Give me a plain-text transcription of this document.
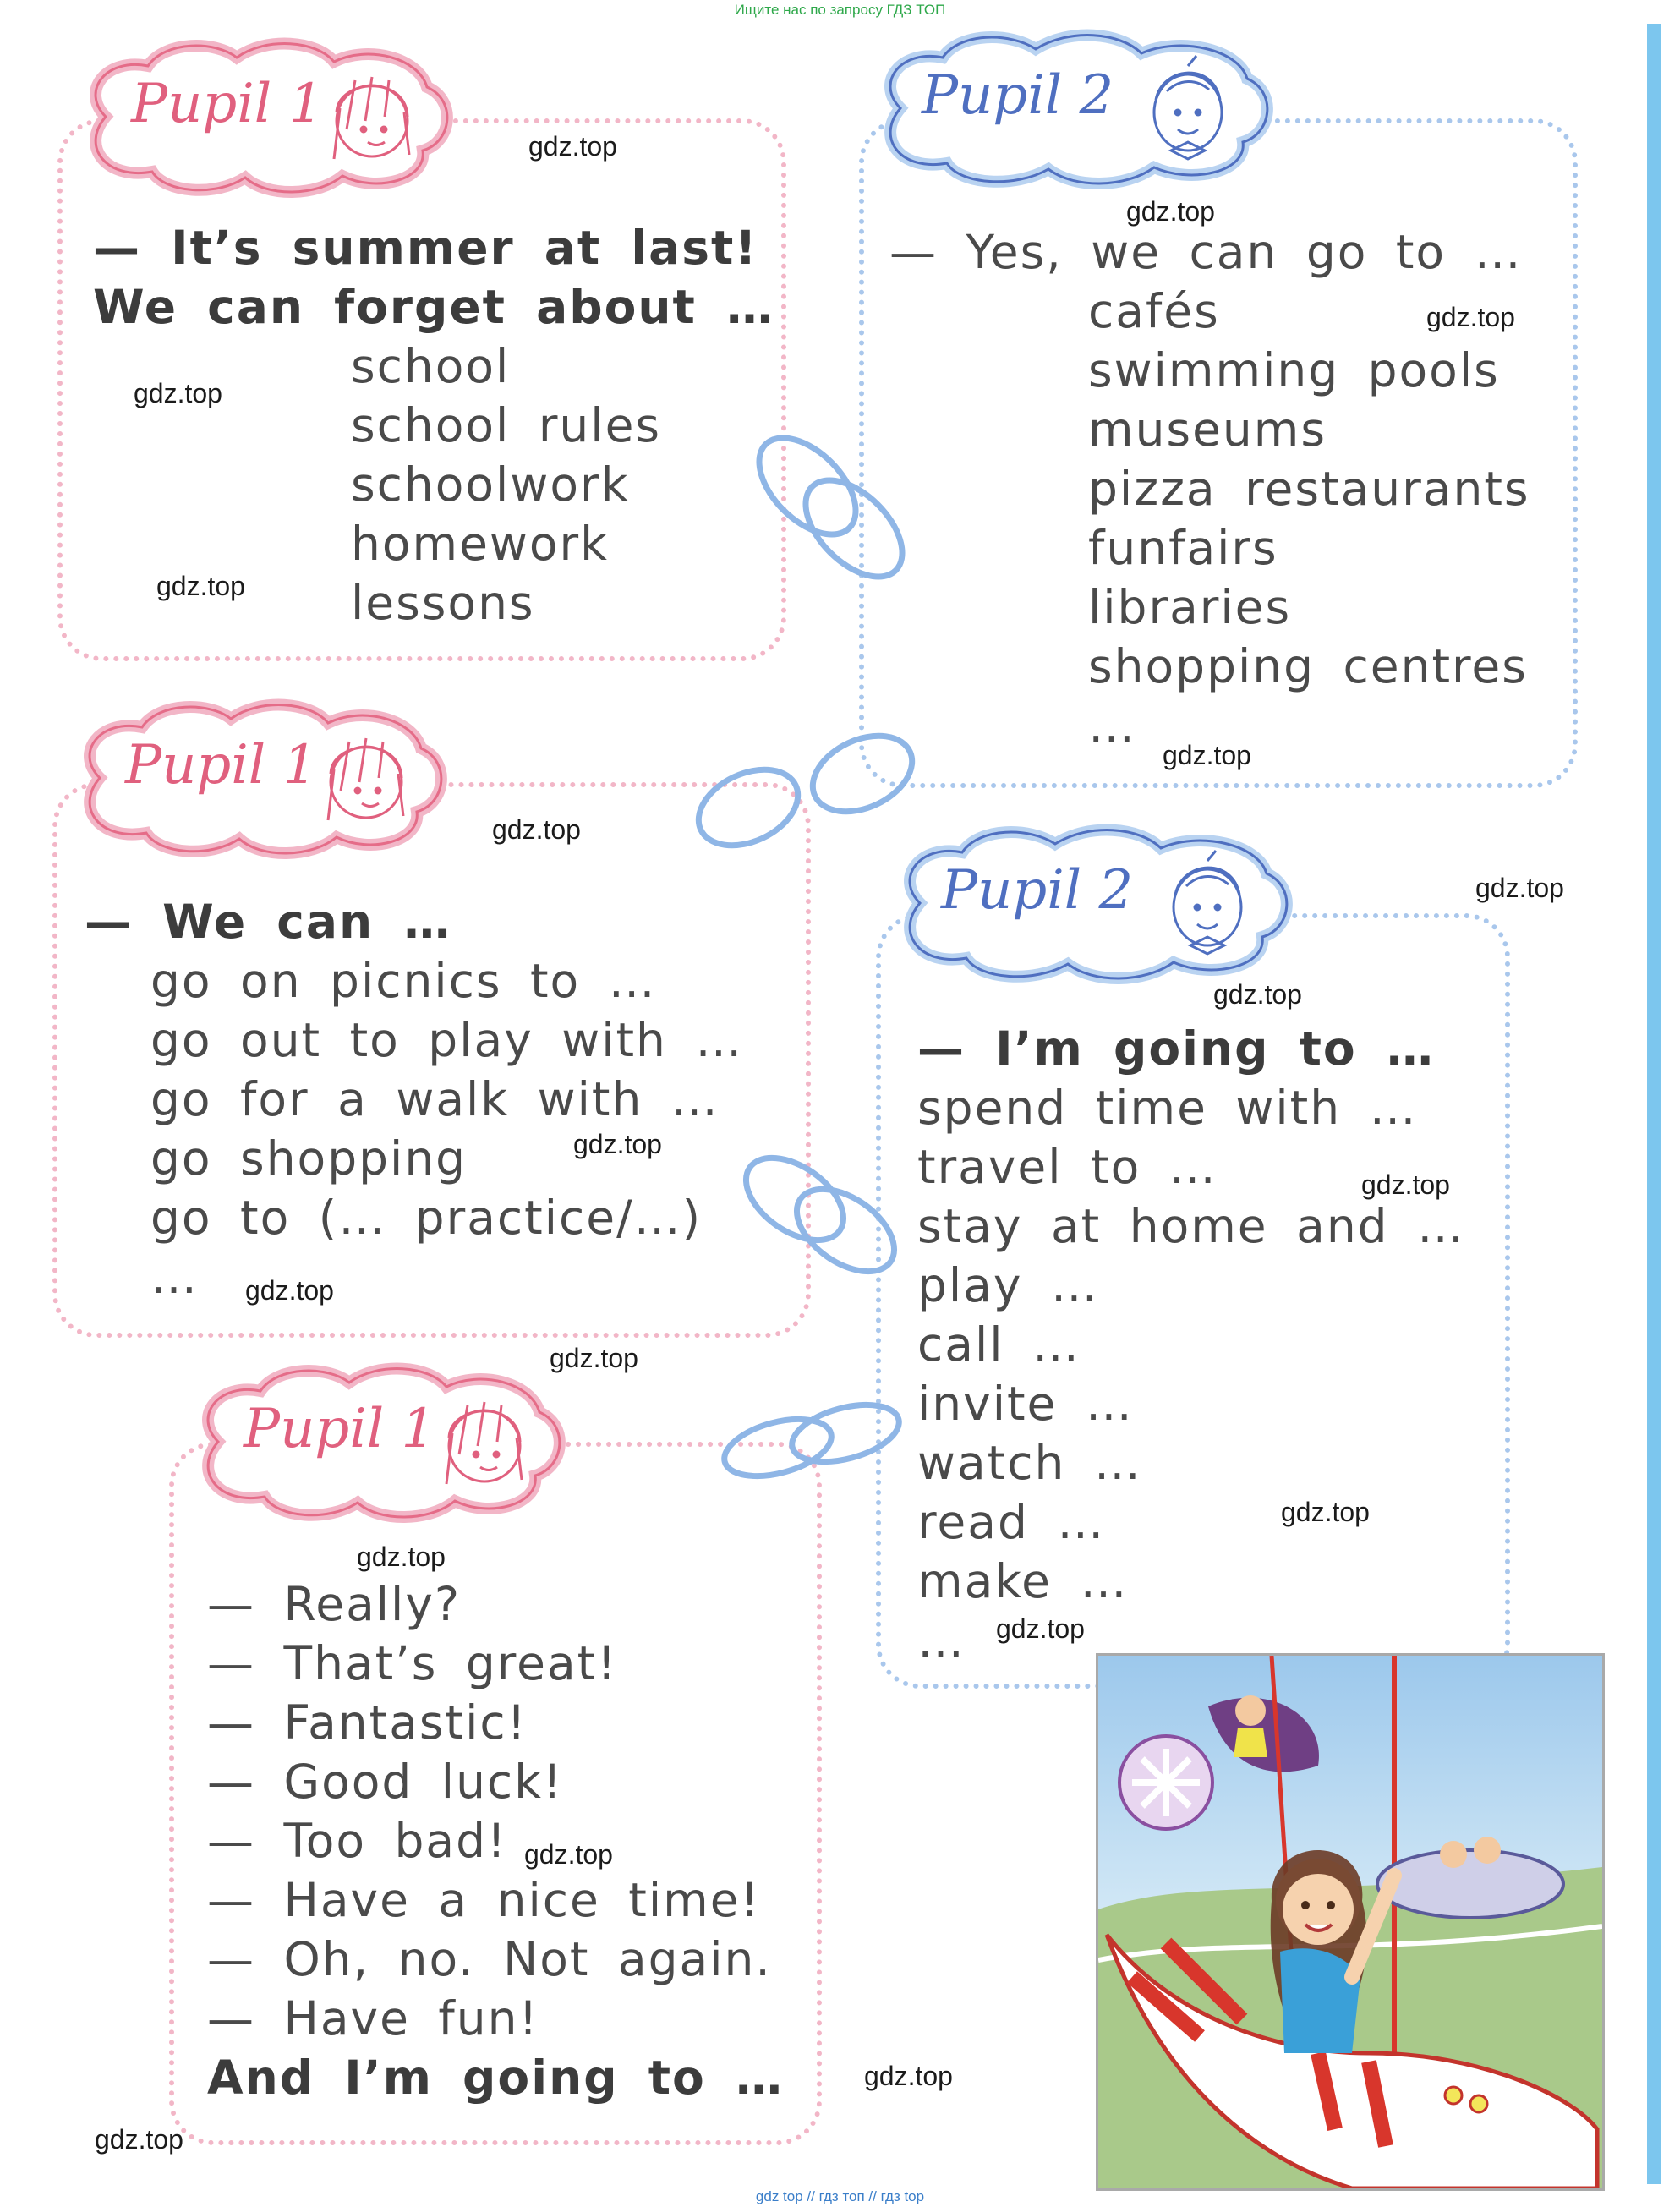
Ищите нас по запросу ГДЗ ТОП
Pupil 1
gdz.top
— It’s summer at last!
We can forget about …
school
school rules
schoolwork
homework
lessons
gdz.top
gdz.top
Pupil 2
gdz.top
— Yes, we can go to …
cafés
swimming pools
museums
pizza restaurants
funfairs
libraries
shopping centres
…
gdz.top
gdz.top
Pupil 1
gdz.top
— We can …
go on picnics to …
go out to play with …
go for a walk with …
go shopping
go to (… practice/…)
…
gdz.top
gdz.top
gdz.top
Pupil 2	gdz.top
gdz.top
— I’m going to …
spend time with …
travel to …
stay at home and …
play …
call …
invite …
watch …
read …
make …
…
gdz.top
gdz.top
gdz.top
Pupil 1
gdz.top
— Really?
— That’s great!
— Fantastic!
— Good luck!
— Too bad!
— Have a nice time!
— Oh, no. Not again.
— Have fun!
And I’m going to …
gdz.top
gdz.top
gdz.top
gdz top // гдз топ // гдз top
